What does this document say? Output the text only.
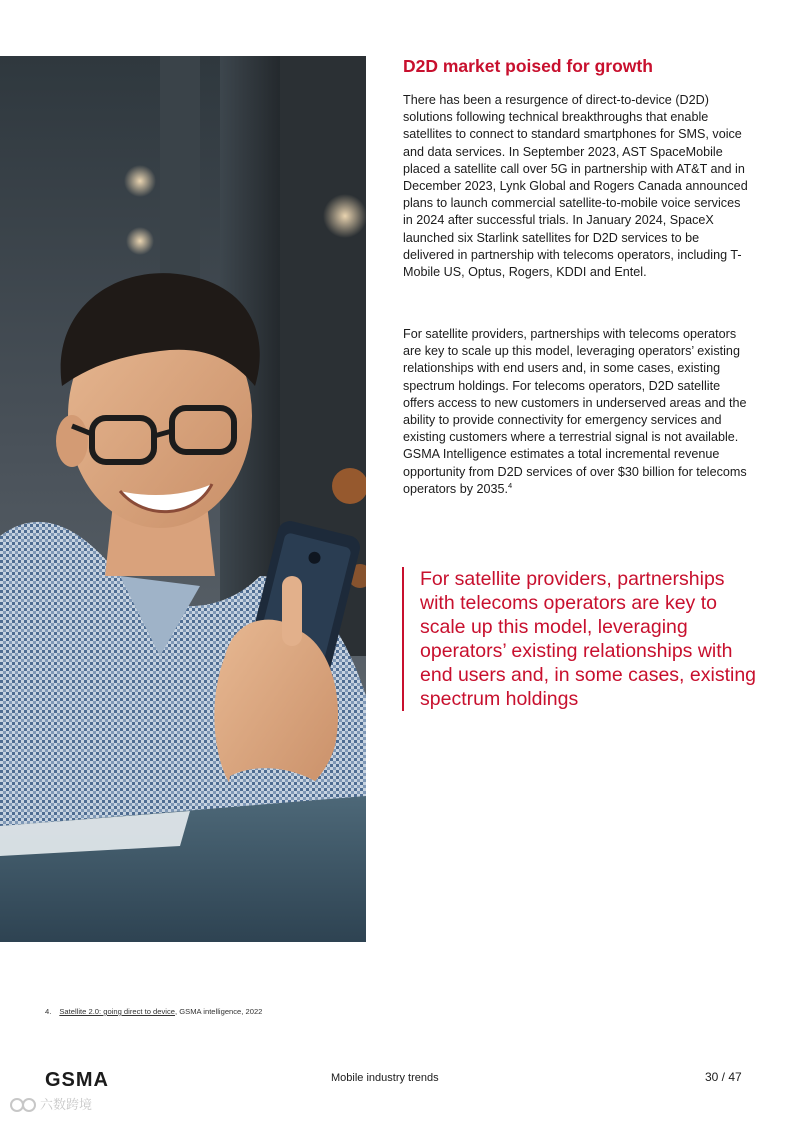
D2D market poised for growth

There has been a resurgence of direct-to-device (D2D) solutions following technical breakthroughs that enable satellites to connect to standard smartphones for SMS, voice and data services. In September 2023, AST SpaceMobile placed a satellite call over 5G in partnership with AT&T and in December 2023, Lynk Global and Rogers Canada announced plans to launch commercial satellite-to-mobile voice services in 2024 after successful trials. In January 2024, SpaceX launched six Starlink satellites for D2D services to be delivered in partnership with telecoms operators, including T-Mobile US, Optus, Rogers, KDDI and Entel.

For satellite providers, partnerships with telecoms operators are key to scale up this model, leveraging operators’ existing relationships with end users and, in some cases, existing spectrum holdings. For telecoms operators, D2D satellite offers access to new customers in underserved areas and the ability to provide connectivity for emergency services and existing customers where a terrestrial signal is not available. GSMA Intelligence estimates a total incremental revenue opportunity from D2D services of over $30 billion for telecoms operators by 2035.$^4$

For satellite providers, partnerships with telecoms operators are key to scale up this model, leveraging operators’ existing relationships with end users and, in some cases, existing spectrum holdings

4. Satellite 2.0: going direct to device, GSMA intelligence, 2022
GSMA	Mobile industry trends	30 / 47
六数跨境
